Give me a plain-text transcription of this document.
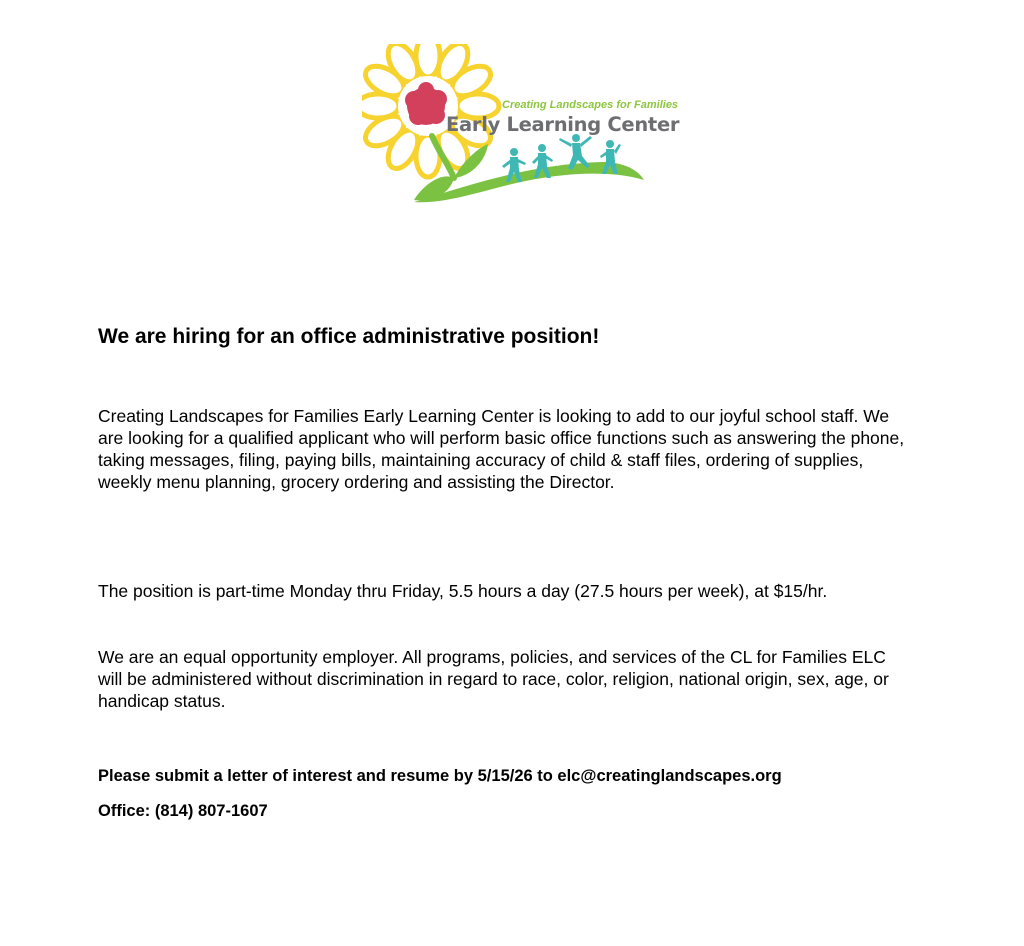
Creating Landscapes for Families
Early Learning Center
We are hiring for an office administrative position!

Creating Landscapes for Families Early Learning Center is looking to add to our joyful school staff. We are looking for a qualified applicant who will perform basic office functions such as answering the phone, taking messages, filing, paying bills, maintaining accuracy of child & staff files, ordering of supplies, weekly menu planning, grocery ordering and assisting the Director.

The position is part-time Monday thru Friday, 5.5 hours a day (27.5 hours per week), at $15/hr.

We are an equal opportunity employer. All programs, policies, and services of the CL for Families ELC will be administered without discrimination in regard to race, color, religion, national origin, sex, age, or handicap status.

Please submit a letter of interest and resume by 5/15/26 to elc@creatinglandscapes.org

Office: (814) 807-1607
